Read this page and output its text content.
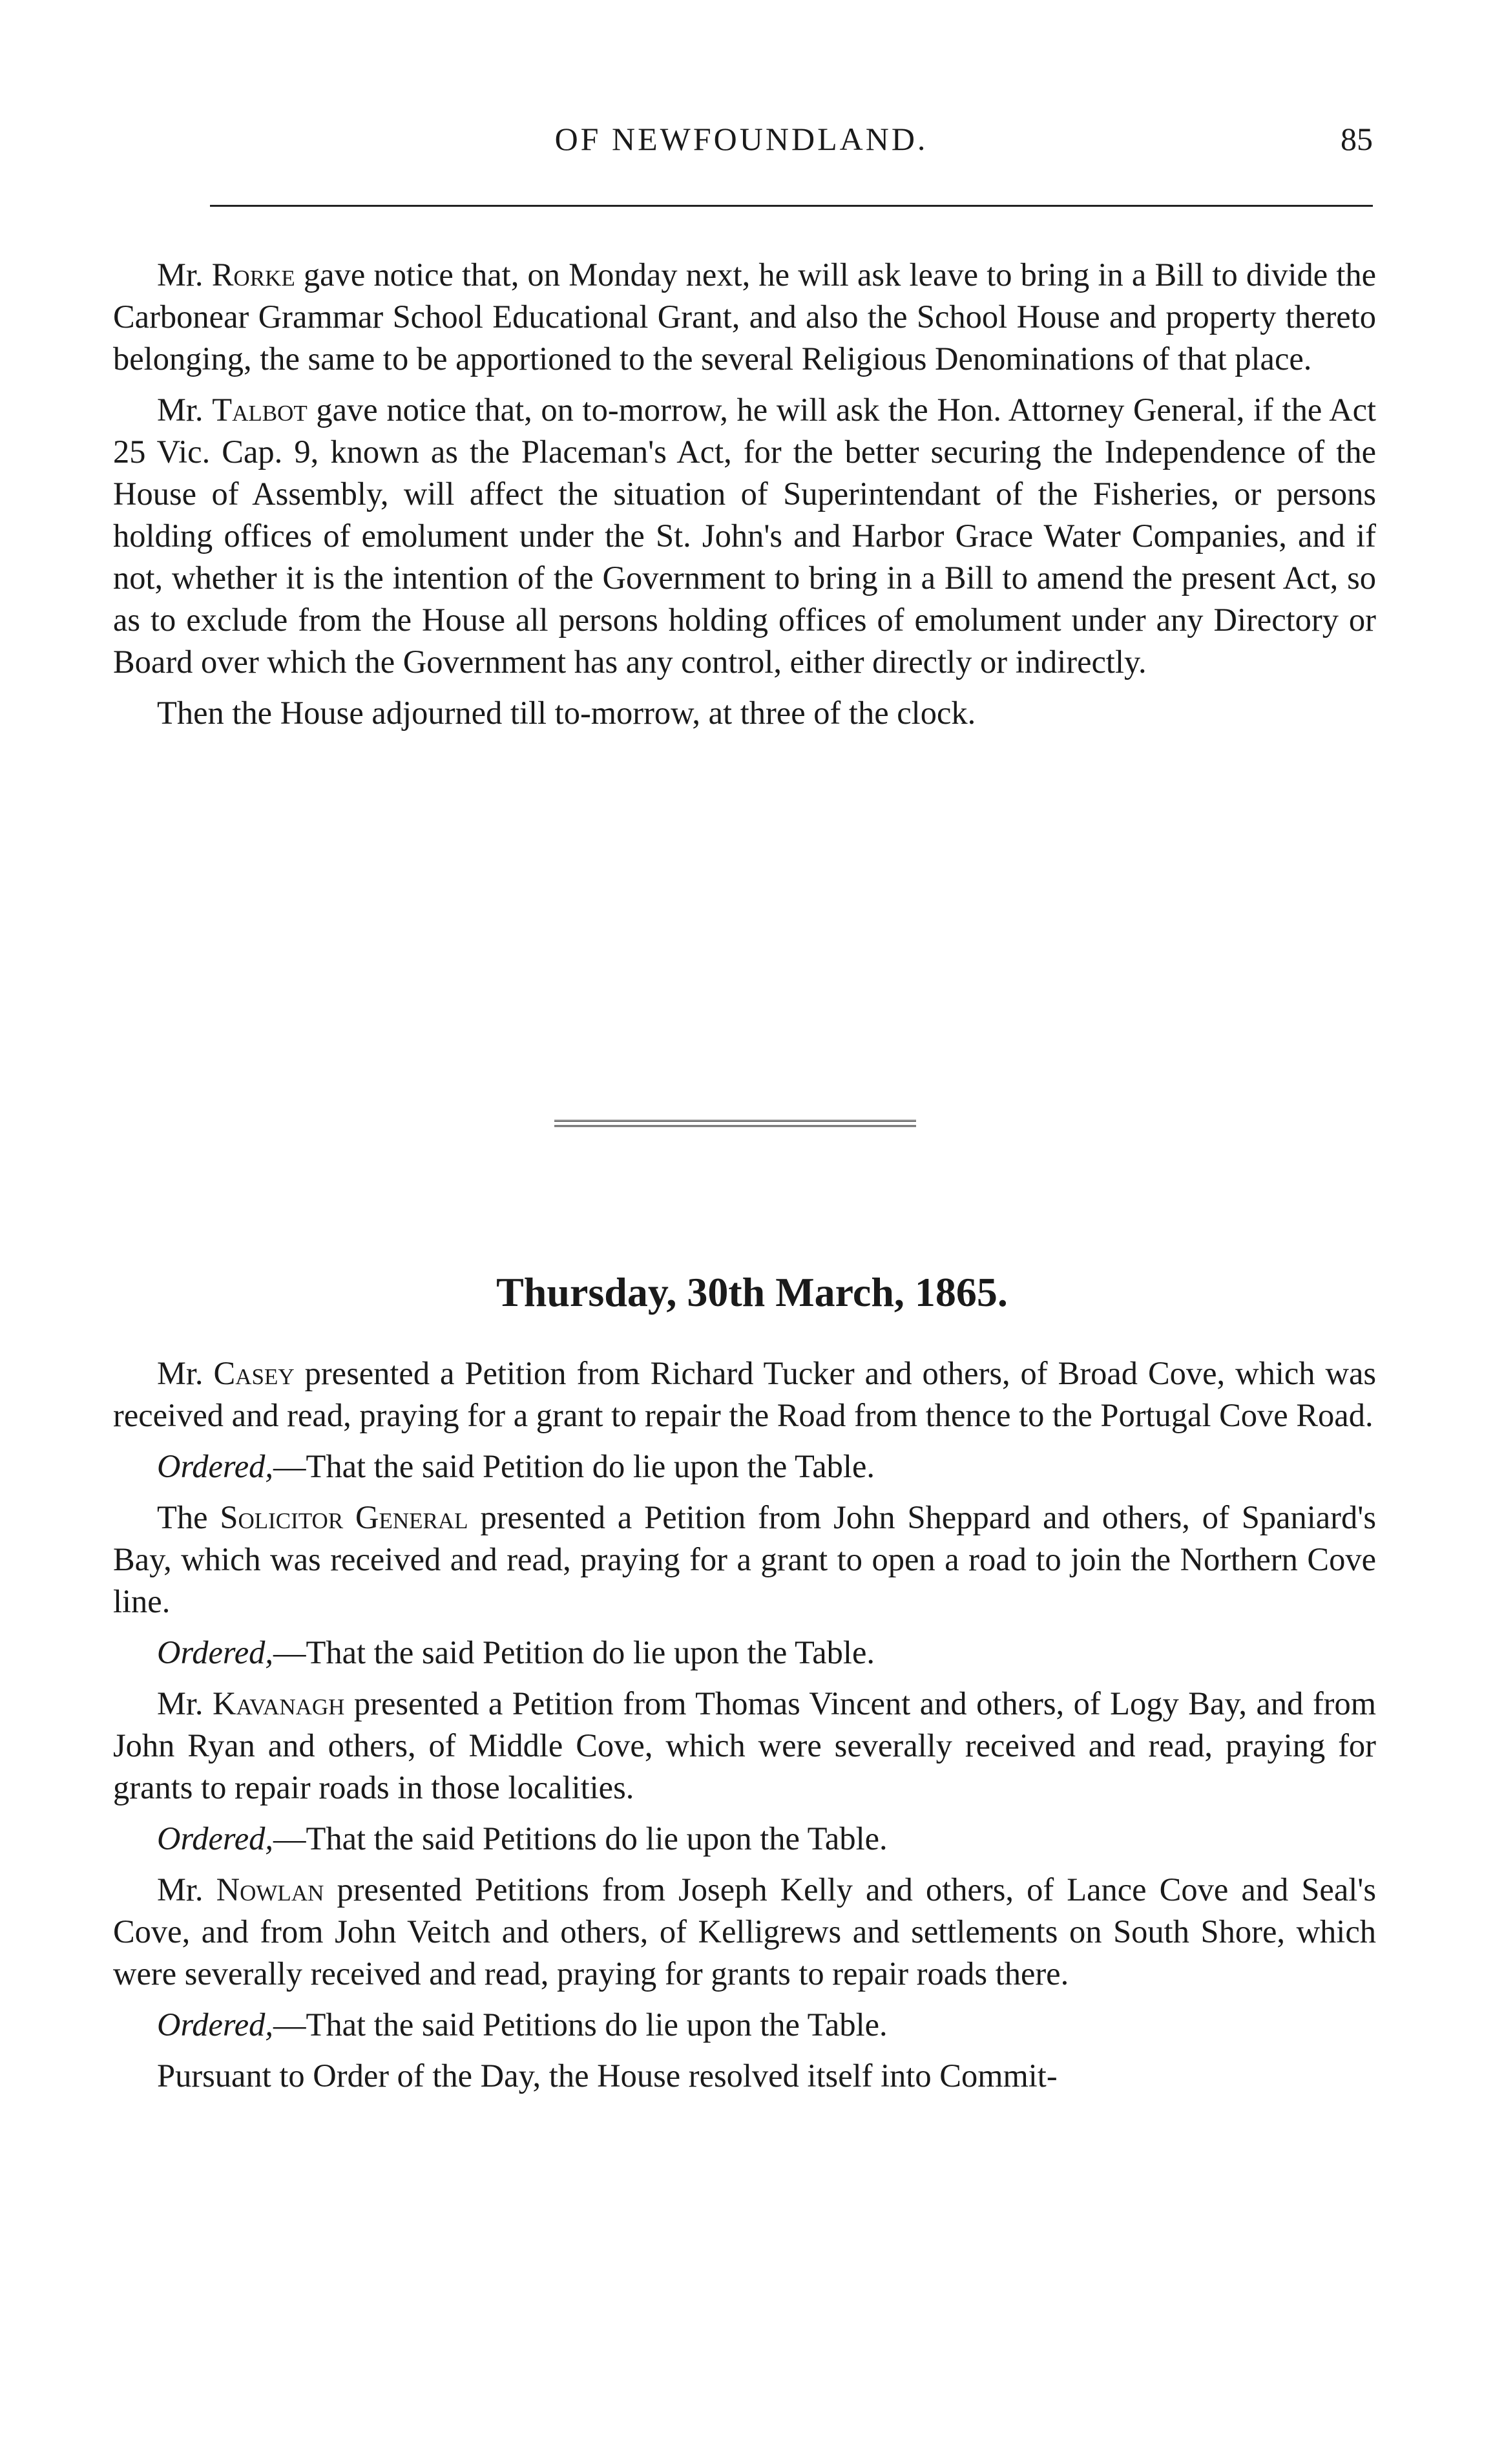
OF NEWFOUNDLAND.	85

Mr. Rorke gave notice that, on Monday next, he will ask leave to bring in a Bill to divide the Carbonear Grammar School Educational Grant, and also the School House and property thereto belonging, the same to be apportioned to the several Religious Denominations of that place.

Mr. Talbot gave notice that, on to-morrow, he will ask the Hon. Attorney General, if the Act 25 Vic. Cap. 9, known as the Placeman's Act, for the better securing the Independence of the House of Assembly, will affect the situation of Superintendant of the Fisheries, or persons holding offices of emolument under the St. John's and Harbor Grace Water Companies, and if not, whether it is the intention of the Government to bring in a Bill to amend the present Act, so as to exclude from the House all persons holding offices of emolument under any Directory or Board over which the Government has any control, either directly or indirectly.

Then the House adjourned till to-morrow, at three of the clock.

Thursday, 30th March, 1865.

Mr. Casey presented a Petition from Richard Tucker and others, of Broad Cove, which was received and read, praying for a grant to repair the Road from thence to the Portugal Cove Road.

Ordered,—That the said Petition do lie upon the Table.

The Solicitor General presented a Petition from John Sheppard and others, of Spaniard's Bay, which was received and read, praying for a grant to open a road to join the Northern Cove line.

Ordered,—That the said Petition do lie upon the Table.

Mr. Kavanagh presented a Petition from Thomas Vincent and others, of Logy Bay, and from John Ryan and others, of Middle Cove, which were severally received and read, praying for grants to repair roads in those localities.

Ordered,—That the said Petitions do lie upon the Table.

Mr. Nowlan presented Petitions from Joseph Kelly and others, of Lance Cove and Seal's Cove, and from John Veitch and others, of Kelligrews and settlements on South Shore, which were severally received and read, praying for grants to repair roads there.

Ordered,—That the said Petitions do lie upon the Table.

Pursuant to Order of the Day, the House resolved itself into Commit-
